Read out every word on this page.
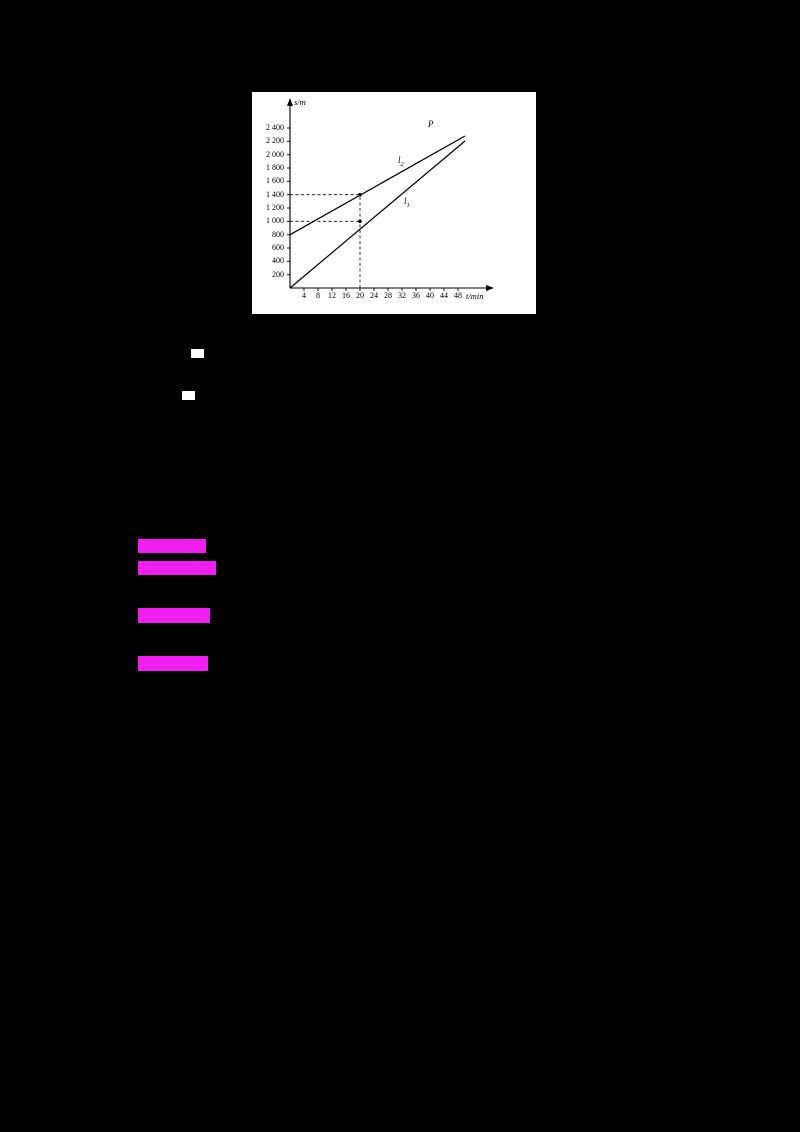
s/m
t/min
2 400
2 200
2 000
1 800
1 600
1 400
1 200
1 000
800
600
400
200
4	8	12 16 20 24 28 32 36 40 44 48
$l_2$
$l_1$
P
